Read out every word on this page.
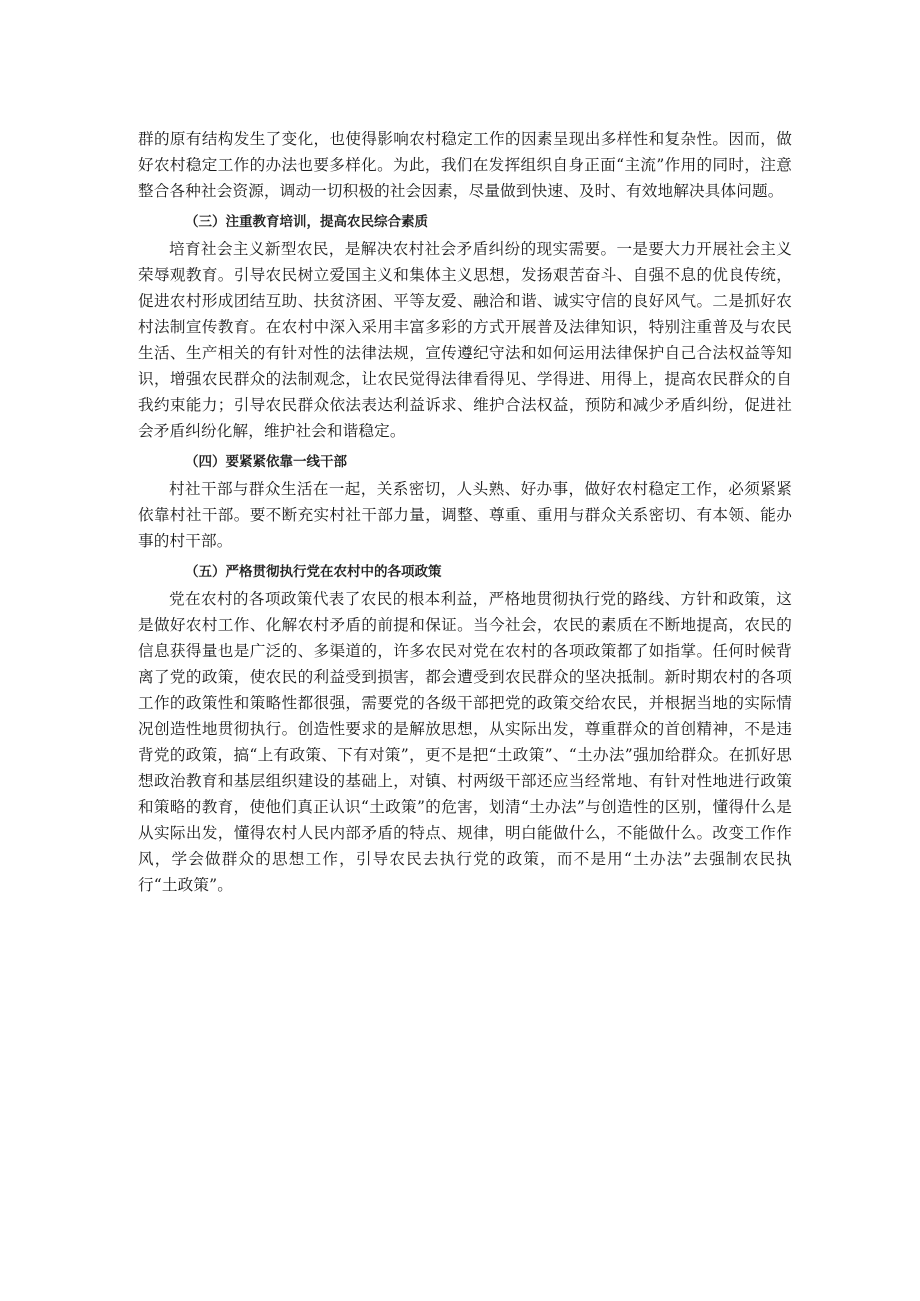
群的原有结构发生了变化，也使得影响农村稳定工作的因素呈现出多样性和复杂性。因而，做好农村稳定工作的办法也要多样化。为此，我们在发挥组织自身正面“主流”作用的同时，注意整合各种社会资源，调动一切积极的社会因素，尽量做到快速、及时、有效地解决具体问题。

（三）注重教育培训，提高农民综合素质

培育社会主义新型农民，是解决农村社会矛盾纠纷的现实需要。一是要大力开展社会主义荣辱观教育。引导农民树立爱国主义和集体主义思想，发扬艰苦奋斗、自强不息的优良传统，促进农村形成团结互助、扶贫济困、平等友爱、融洽和谐、诚实守信的良好风气。二是抓好农村法制宣传教育。在农村中深入采用丰富多彩的方式开展普及法律知识，特别注重普及与农民生活、生产相关的有针对性的法律法规，宣传遵纪守法和如何运用法律保护自己合法权益等知识，增强农民群众的法制观念，让农民觉得法律看得见、学得进、用得上，提高农民群众的自我约束能力；引导农民群众依法表达利益诉求、维护合法权益，预防和减少矛盾纠纷，促进社会矛盾纠纷化解，维护社会和谐稳定。

（四）要紧紧依靠一线干部

村社干部与群众生活在一起，关系密切，人头熟、好办事，做好农村稳定工作，必须紧紧依靠村社干部。要不断充实村社干部力量，调整、尊重、重用与群众关系密切、有本领、能办事的村干部。

（五）严格贯彻执行党在农村中的各项政策

党在农村的各项政策代表了农民的根本利益，严格地贯彻执行党的路线、方针和政策，这是做好农村工作、化解农村矛盾的前提和保证。当今社会，农民的素质在不断地提高，农民的信息获得量也是广泛的、多渠道的，许多农民对党在农村的各项政策都了如指掌。任何时候背离了党的政策，使农民的利益受到损害，都会遭受到农民群众的坚决抵制。新时期农村的各项工作的政策性和策略性都很强，需要党的各级干部把党的政策交给农民，并根据当地的实际情况创造性地贯彻执行。创造性要求的是解放思想，从实际出发，尊重群众的首创精神，不是违背党的政策，搞“上有政策、下有对策”，更不是把“土政策”、“土办法”强加给群众。在抓好思想政治教育和基层组织建设的基础上，对镇、村两级干部还应当经常地、有针对性地进行政策和策略的教育，使他们真正认识“土政策”的危害，划清“土办法”与创造性的区别，懂得什么是从实际出发，懂得农村人民内部矛盾的特点、规律，明白能做什么，不能做什么。改变工作作风，学会做群众的思想工作，引导农民去执行党的政策，而不是用“土办法”去强制农民执行“土政策”。
